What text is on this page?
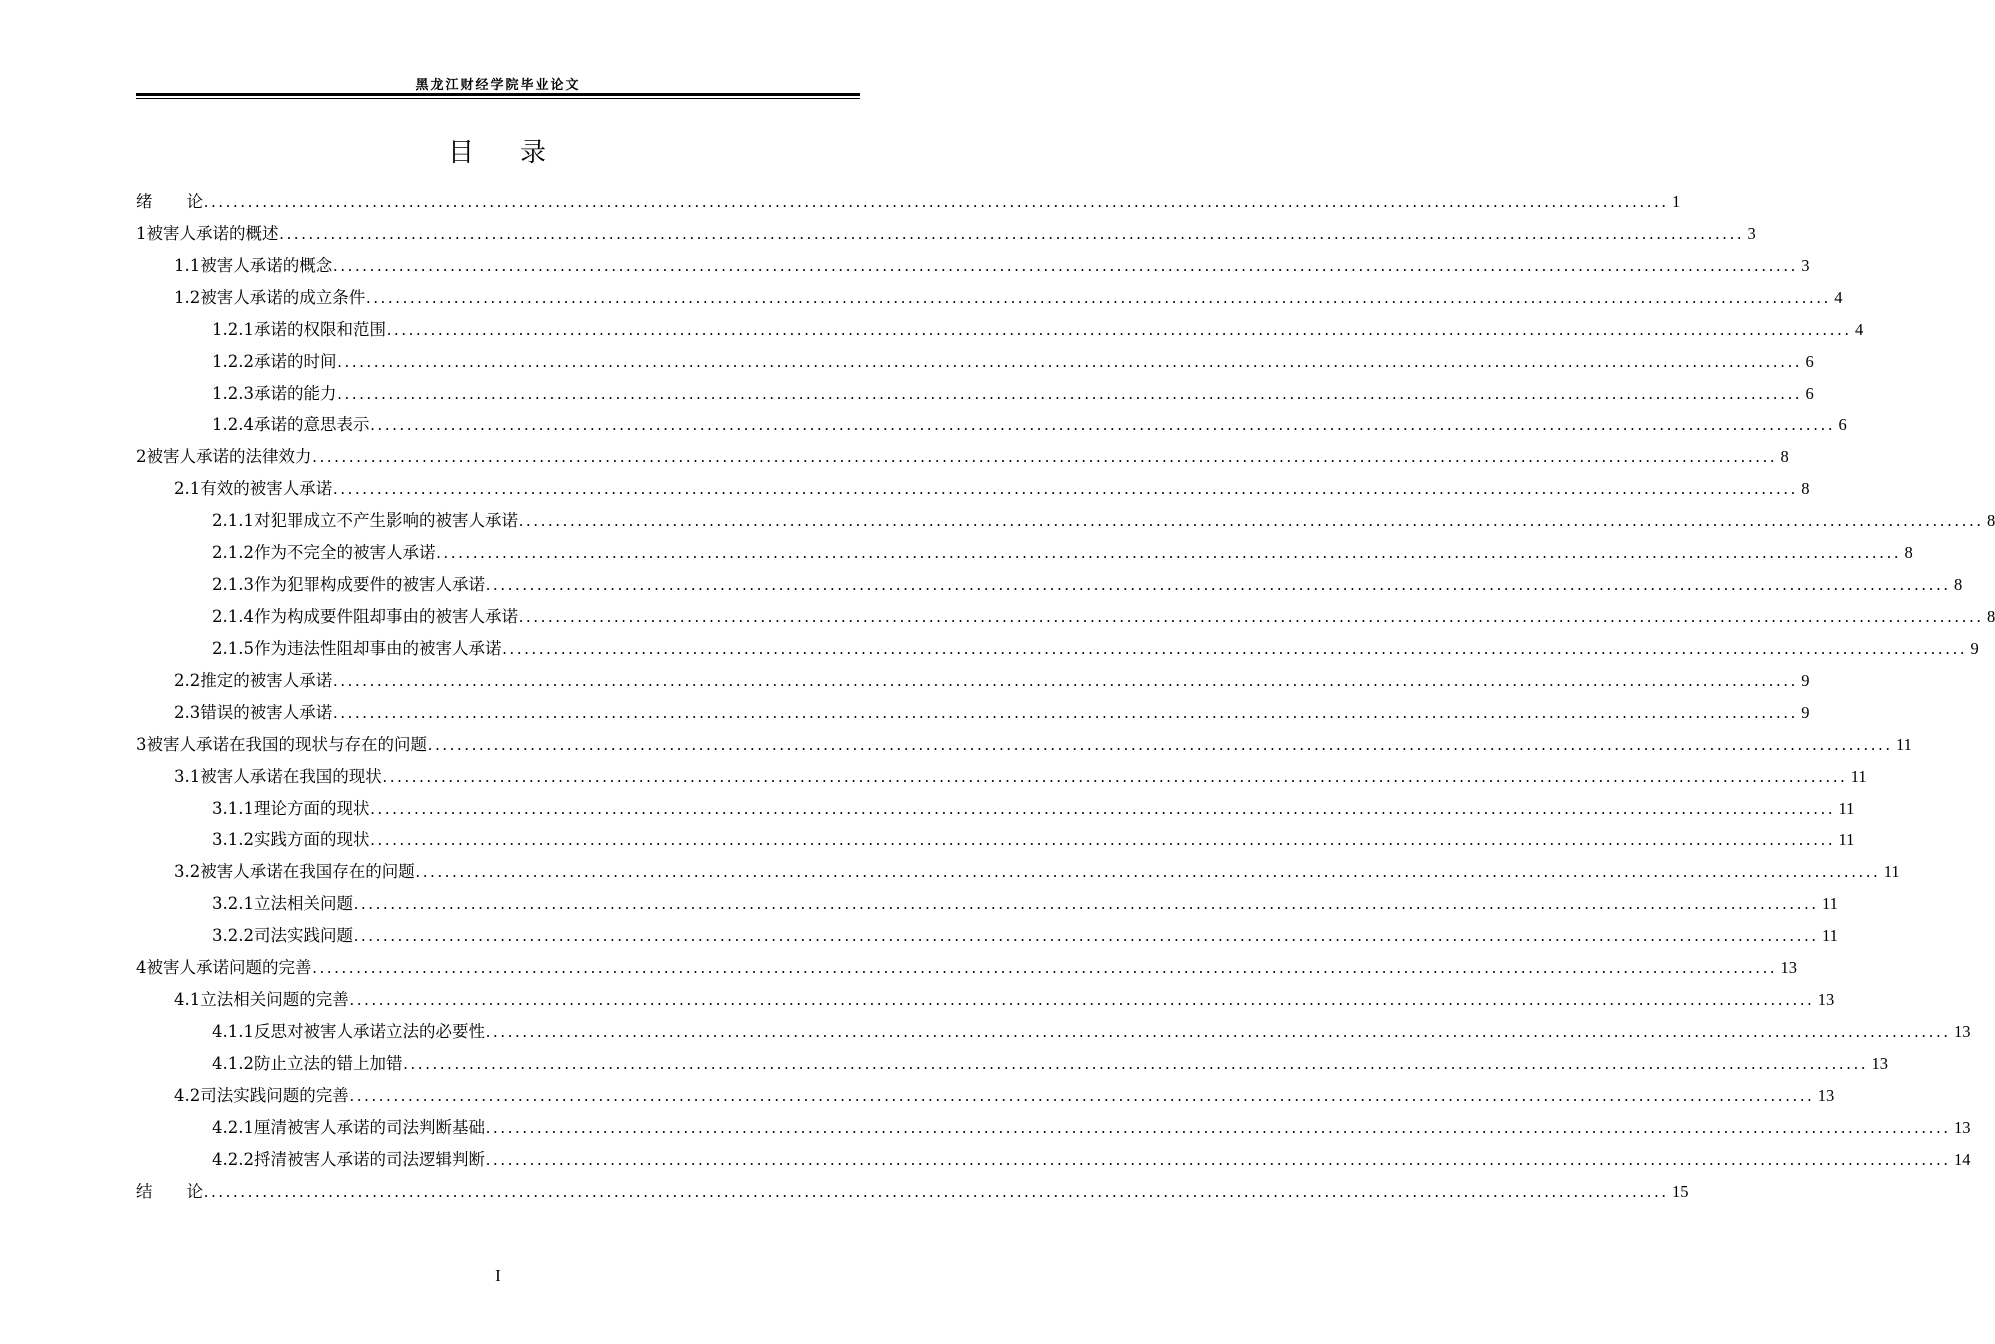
黑龙江财经学院毕业论文
目 录
绪 论 ........................................................................................................................................................................................................ 1
1 被害人承诺的概述 ........................................................................................................................................................................................................ 3
1.1 被害人承诺的概念 ........................................................................................................................................................................................................ 3
1.2 被害人承诺的成立条件 ........................................................................................................................................................................................................ 4
1.2.1 承诺的权限和范围 ........................................................................................................................................................................................................ 4
1.2.2 承诺的时间 ........................................................................................................................................................................................................ 6
1.2.3 承诺的能力 ........................................................................................................................................................................................................ 6
1.2.4 承诺的意思表示 ........................................................................................................................................................................................................ 6
2 被害人承诺的法律效力 ........................................................................................................................................................................................................ 8
2.1 有效的被害人承诺 ........................................................................................................................................................................................................ 8
2.1.1 对犯罪成立不产生影响的被害人承诺 ........................................................................................................................................................................................................ 8
2.1.2 作为不完全的被害人承诺 ........................................................................................................................................................................................................ 8
2.1.3 作为犯罪构成要件的被害人承诺 ........................................................................................................................................................................................................ 8
2.1.4 作为构成要件阻却事由的被害人承诺 ........................................................................................................................................................................................................ 8
2.1.5 作为违法性阻却事由的被害人承诺 ........................................................................................................................................................................................................ 9
2.2 推定的被害人承诺 ........................................................................................................................................................................................................ 9
2.3 错误的被害人承诺 ........................................................................................................................................................................................................ 9
3 被害人承诺在我国的现状与存在的问题 ........................................................................................................................................................................................................ 11
3.1 被害人承诺在我国的现状 ........................................................................................................................................................................................................ 11
3.1.1 理论方面的现状 ........................................................................................................................................................................................................ 11
3.1.2 实践方面的现状 ........................................................................................................................................................................................................ 11
3.2 被害人承诺在我国存在的问题 ........................................................................................................................................................................................................ 11
3.2.1 立法相关问题 ........................................................................................................................................................................................................ 11
3.2.2 司法实践问题 ........................................................................................................................................................................................................ 11
4 被害人承诺问题的完善 ........................................................................................................................................................................................................ 13
4.1 立法相关问题的完善 ........................................................................................................................................................................................................ 13
4.1.1 反思对被害人承诺立法的必要性 ........................................................................................................................................................................................................ 13
4.1.2 防止立法的错上加错 ........................................................................................................................................................................................................ 13
4.2 司法实践问题的完善 ........................................................................................................................................................................................................ 13
4.2.1 厘清被害人承诺的司法判断基础 ........................................................................................................................................................................................................ 13
4.2.2 捋清被害人承诺的司法逻辑判断 ........................................................................................................................................................................................................ 14
结 论 ........................................................................................................................................................................................................ 15
I
